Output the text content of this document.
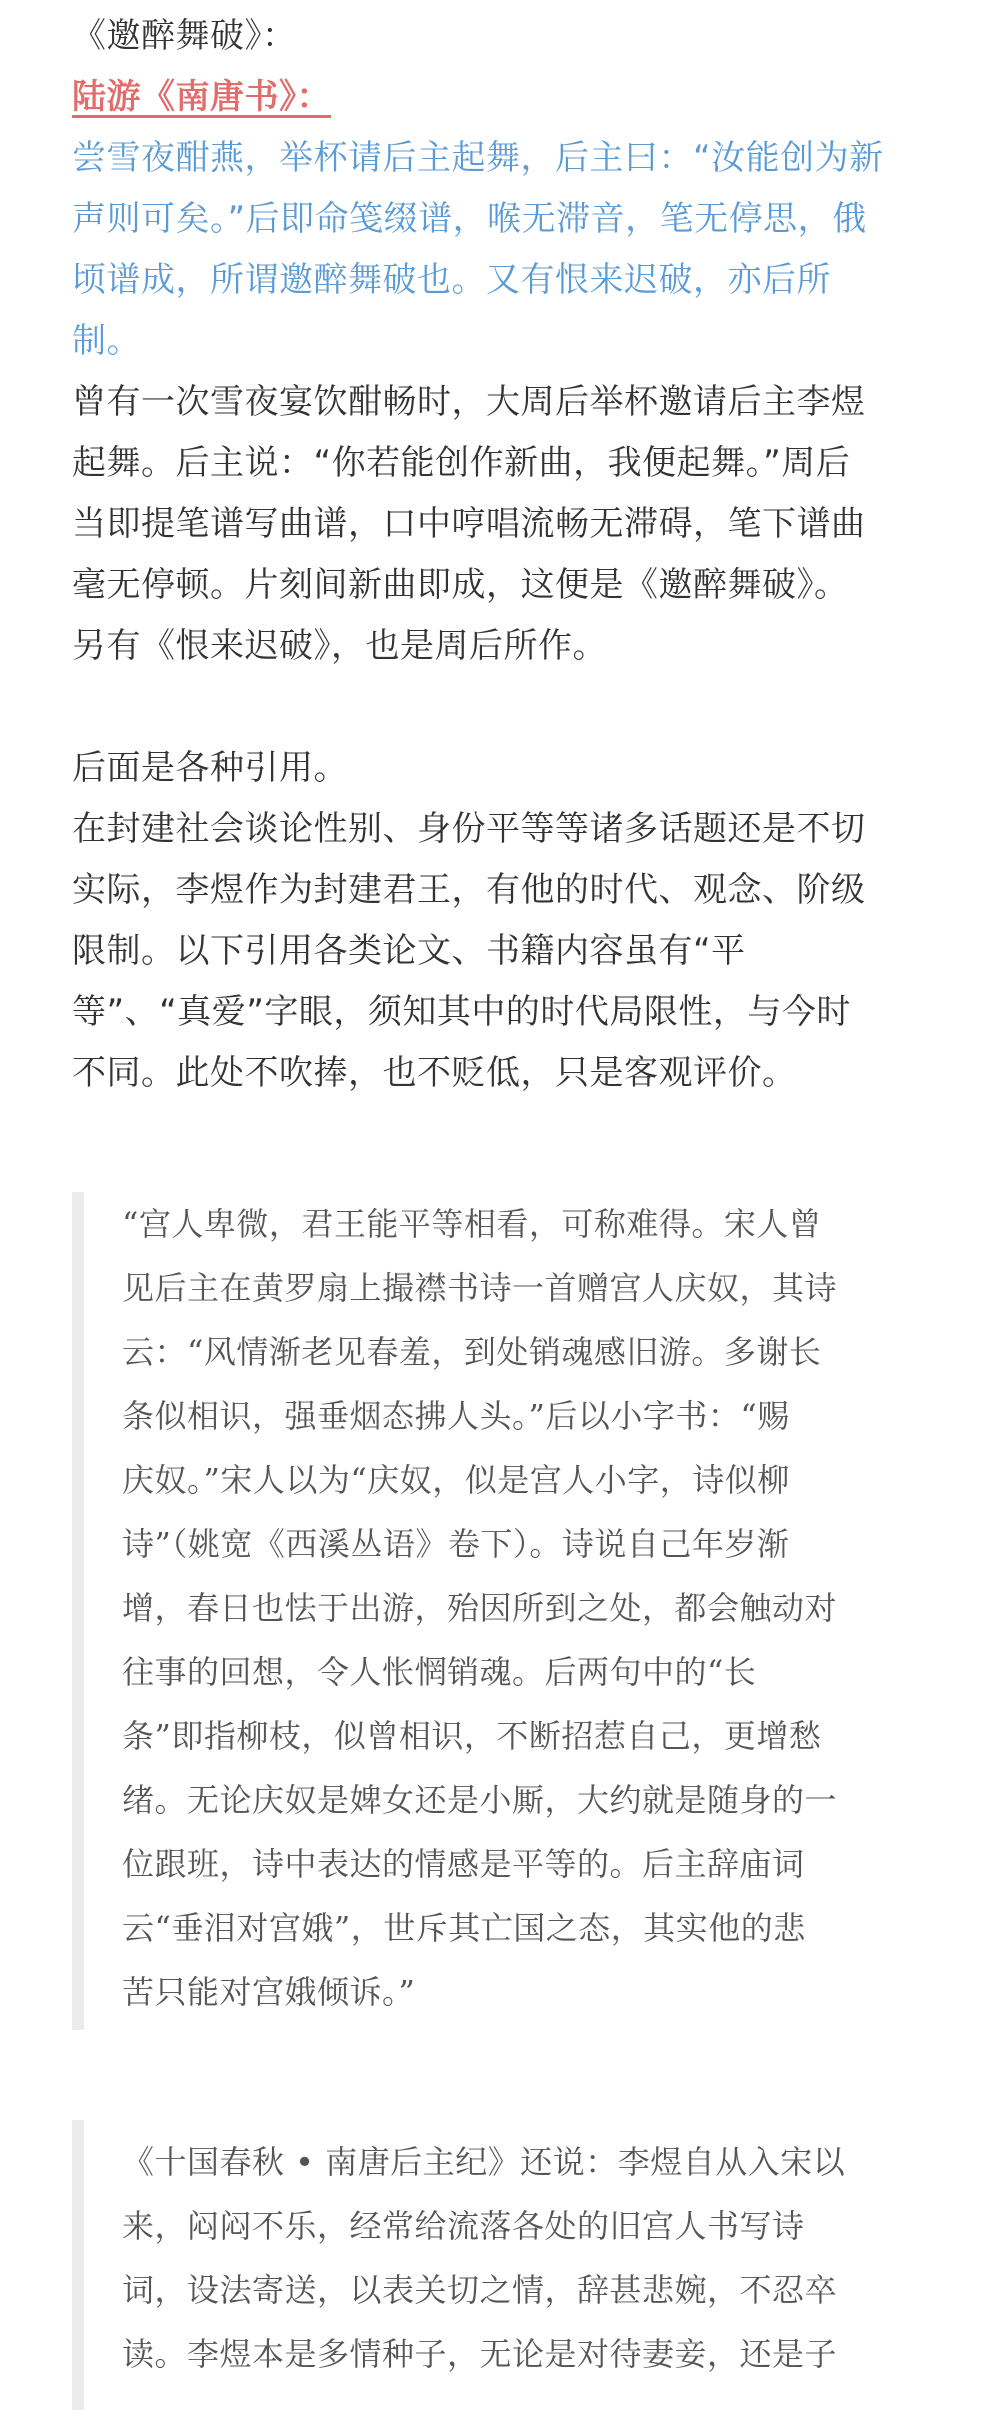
《邀醉舞破》：

陆游《南唐书》：

尝雪夜酣燕，举杯请后主起舞，后主曰：“汝能创为新

声则可矣。”后即命笺缀谱，喉无滞音，笔无停思，俄

顷谱成，所谓邀醉舞破也。又有恨来迟破，亦后所

制。

曾有一次雪夜宴饮酣畅时，大周后举杯邀请后主李煜

起舞。后主说：“你若能创作新曲，我便起舞。”周后

当即提笔谱写曲谱，口中哼唱流畅无滞碍，笔下谱曲

毫无停顿。片刻间新曲即成，这便是《邀醉舞破》。

另有《恨来迟破》，也是周后所作。

后面是各种引用。

在封建社会谈论性别、身份平等等诸多话题还是不切

实际，李煜作为封建君王，有他的时代、观念、阶级

限制。以下引用各类论文、书籍内容虽有“平

等”、“真爱”字眼，须知其中的时代局限性，与今时

不同。此处不吹捧，也不贬低，只是客观评价。

“宫人卑微，君王能平等相看，可称难得。宋人曾

见后主在黄罗扇上撮襟书诗一首赠宫人庆奴，其诗

云：“风情渐老见春羞，到处销魂感旧游。多谢长

条似相识，强垂烟态拂人头。”后以小字书：“赐

庆奴。”宋人以为“庆奴，似是宫人小字，诗似柳

诗”（姚宽《西溪丛语》卷下）。诗说自己年岁渐

增，春日也怯于出游，殆因所到之处，都会触动对

往事的回想，令人怅惘销魂。后两句中的“长

条”即指柳枝，似曾相识，不断招惹自己，更增愁

绪。无论庆奴是婢女还是小厮，大约就是随身的一

位跟班，诗中表达的情感是平等的。后主辞庙词

云“垂泪对宫娥”，世斥其亡国之态，其实他的悲

苦只能对宫娥倾诉。”

《十国春秋 • 南唐后主纪》还说：李煜自从入宋以

来，闷闷不乐，经常给流落各处的旧宫人书写诗

词，设法寄送，以表关切之情，辞甚悲婉，不忍卒

读。李煜本是多情种子，无论是对待妻妾，还是子
